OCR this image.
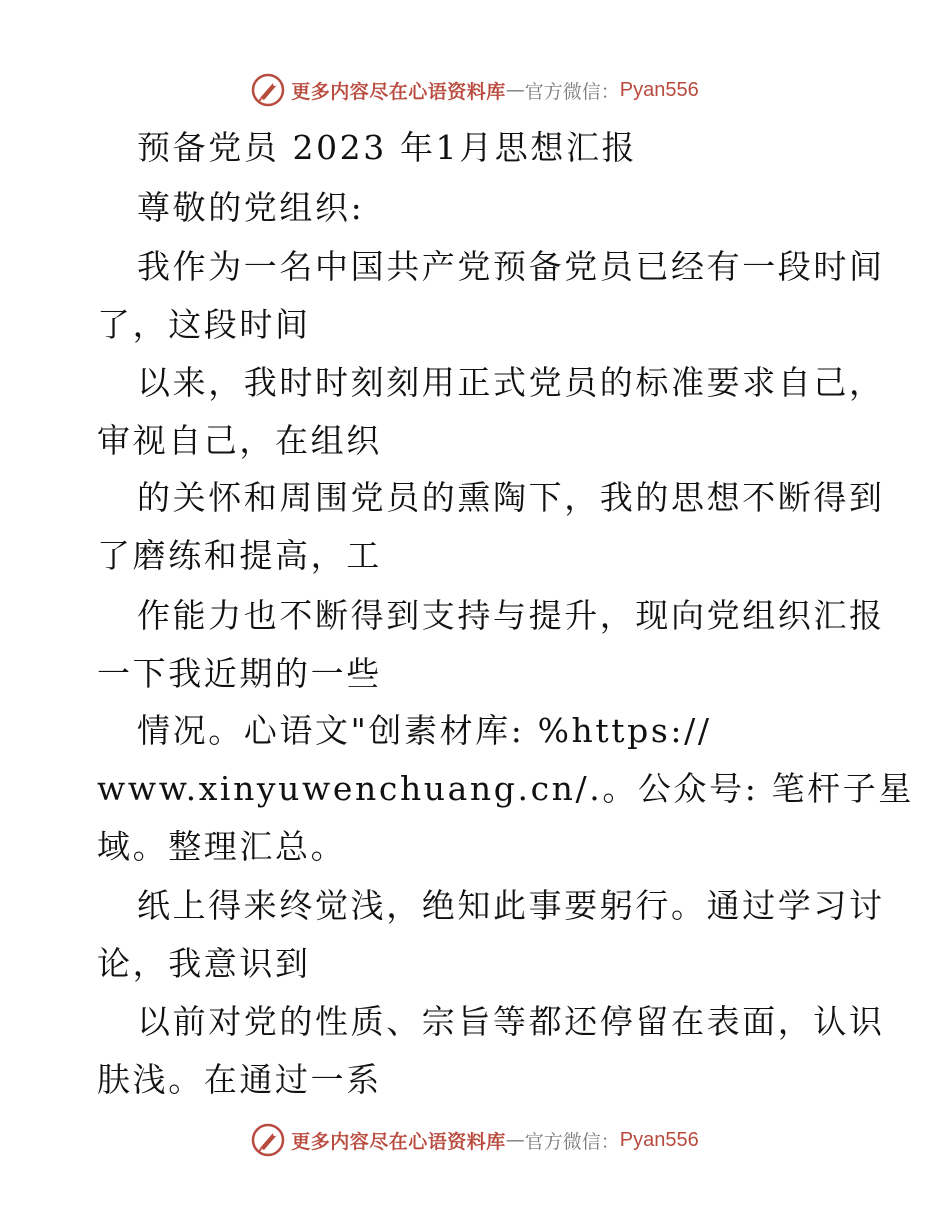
更多内容尽在心语资料库 — 官方微信： Pyan556
预备党员 2023 年1月思想汇报
尊敬的党组织:
我作为一名中国共产党预备党员已经有一段时间
了，这段时间
以来，我时时刻刻用正式党员的标准要求自己，
审视自己，在组织
的关怀和周围党员的熏陶下，我的思想不断得到
了磨练和提高，工
作能力也不断得到支持与提升，现向党组织汇报
一下我近期的一些
情况。心语文"创素材库: %https://
www.xinyuwenchuang.cn/.。公众号: 笔杆子星
域。整理汇总。
纸上得来终觉浅，绝知此事要躬行。通过学习讨
论，我意识到
以前对党的性质、宗旨等都还停留在表面，认识
肤浅。在通过一系
更多内容尽在心语资料库 — 官方微信： Pyan556
